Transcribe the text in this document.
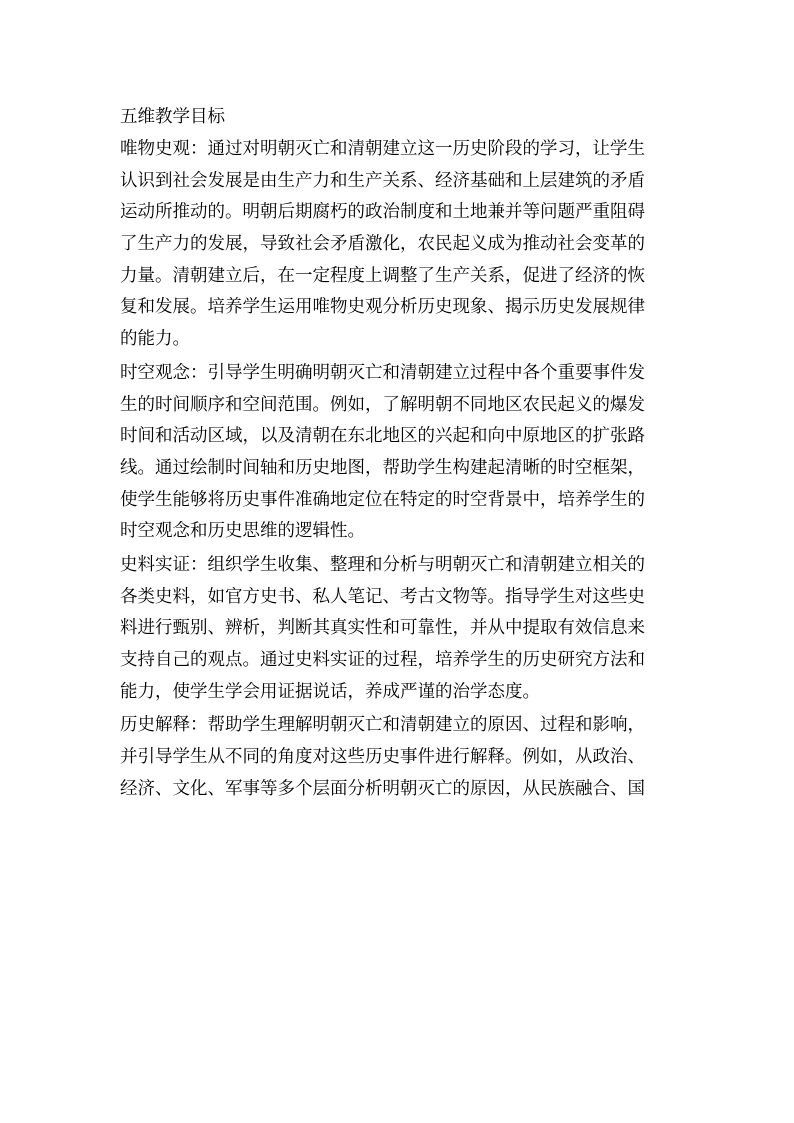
五维教学目标
唯物史观：通过对明朝灭亡和清朝建立这一历史阶段的学习，让学生
认识到社会发展是由生产力和生产关系、经济基础和上层建筑的矛盾
运动所推动的。明朝后期腐朽的政治制度和土地兼并等问题严重阻碍
了生产力的发展，导致社会矛盾激化，农民起义成为推动社会变革的
力量。清朝建立后，在一定程度上调整了生产关系，促进了经济的恢
复和发展。培养学生运用唯物史观分析历史现象、揭示历史发展规律
的能力。
时空观念：引导学生明确明朝灭亡和清朝建立过程中各个重要事件发
生的时间顺序和空间范围。例如，了解明朝不同地区农民起义的爆发
时间和活动区域，以及清朝在东北地区的兴起和向中原地区的扩张路
线。通过绘制时间轴和历史地图，帮助学生构建起清晰的时空框架，
使学生能够将历史事件准确地定位在特定的时空背景中，培养学生的
时空观念和历史思维的逻辑性。
史料实证：组织学生收集、整理和分析与明朝灭亡和清朝建立相关的
各类史料，如官方史书、私人笔记、考古文物等。指导学生对这些史
料进行甄别、辨析，判断其真实性和可靠性，并从中提取有效信息来
支持自己的观点。通过史料实证的过程，培养学生的历史研究方法和
能力，使学生学会用证据说话，养成严谨的治学态度。
历史解释：帮助学生理解明朝灭亡和清朝建立的原因、过程和影响，
并引导学生从不同的角度对这些历史事件进行解释。例如，从政治、
经济、文化、军事等多个层面分析明朝灭亡的原因，从民族融合、国
